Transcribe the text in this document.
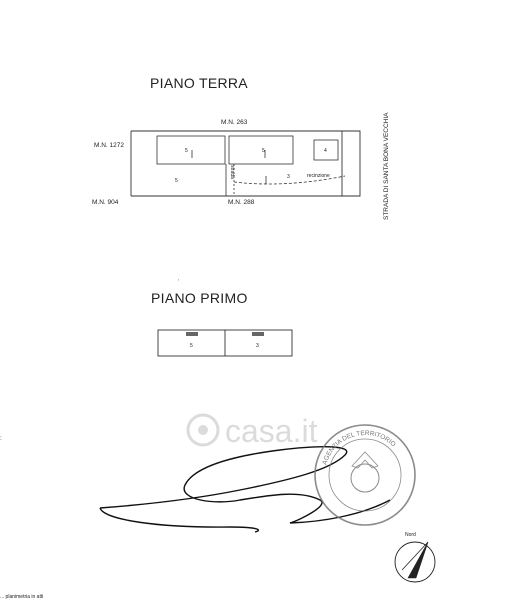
PIANO TERRA
M.N. 263
M.N. 1272
M.N. 904	M.N. 288
5	5	4
5
3	recinzione
strada	STRADA DI SANTA BONA VECCHIA
,
PIANO PRIMO
5	3
casa.it
AGENZIA DEL TERRITORIO
Nord
:
... planimetria in atti
